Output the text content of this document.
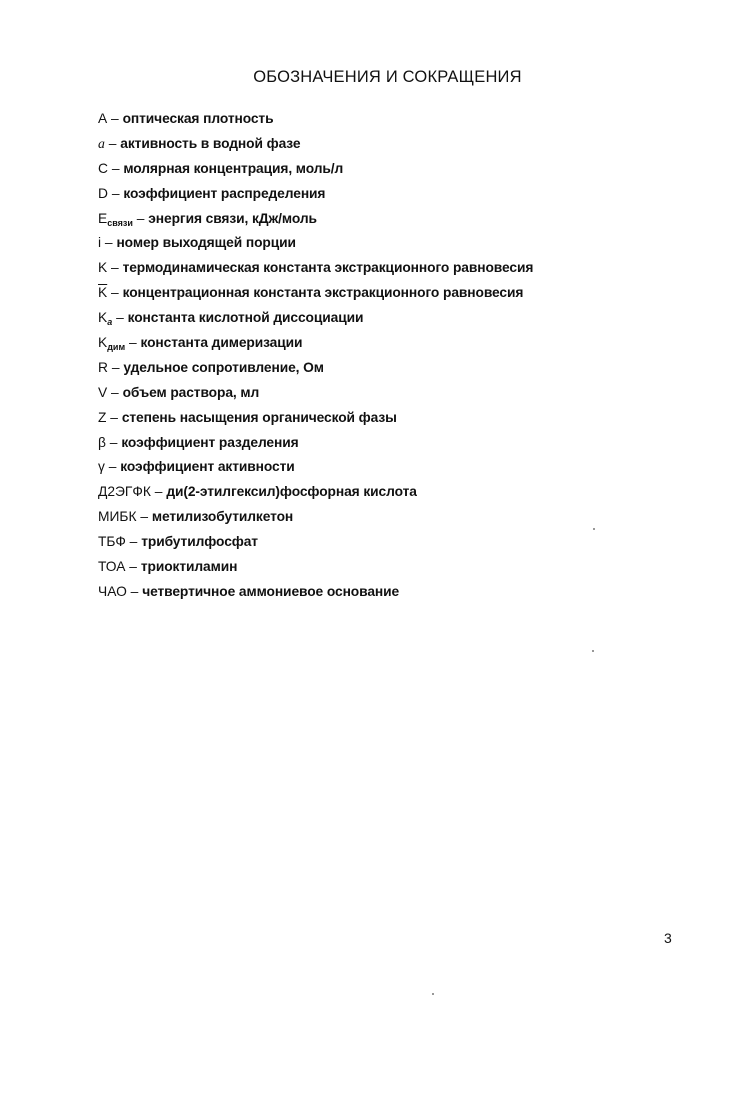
ОБОЗНАЧЕНИЯ И СОКРАЩЕНИЯ
А – оптическая плотность
a – активность в водной фазе
C – молярная концентрация, моль/л
D – коэффициент распределения
$E_{связи}$ – энергия связи, кДж/моль
i – номер выходящей порции
K – термодинамическая константа экстракционного равновесия
$\overline{K}$ – концентрационная константа экстракционного равновесия
$K_a$ – константа кислотной диссоциации
$K_{дим}$ – константа димеризации
R – удельное сопротивление, Ом
V – объем раствора, мл
Z – степень насыщения органической фазы
β – коэффициент разделения
γ – коэффициент активности
Д2ЭГФК – ди(2-этилгексил)фосфорная кислота
МИБК – метилизобутилкетон
ТБФ – трибутилфосфат
ТОА – триоктиламин
ЧАО – четвертичное аммониевое основание
3
